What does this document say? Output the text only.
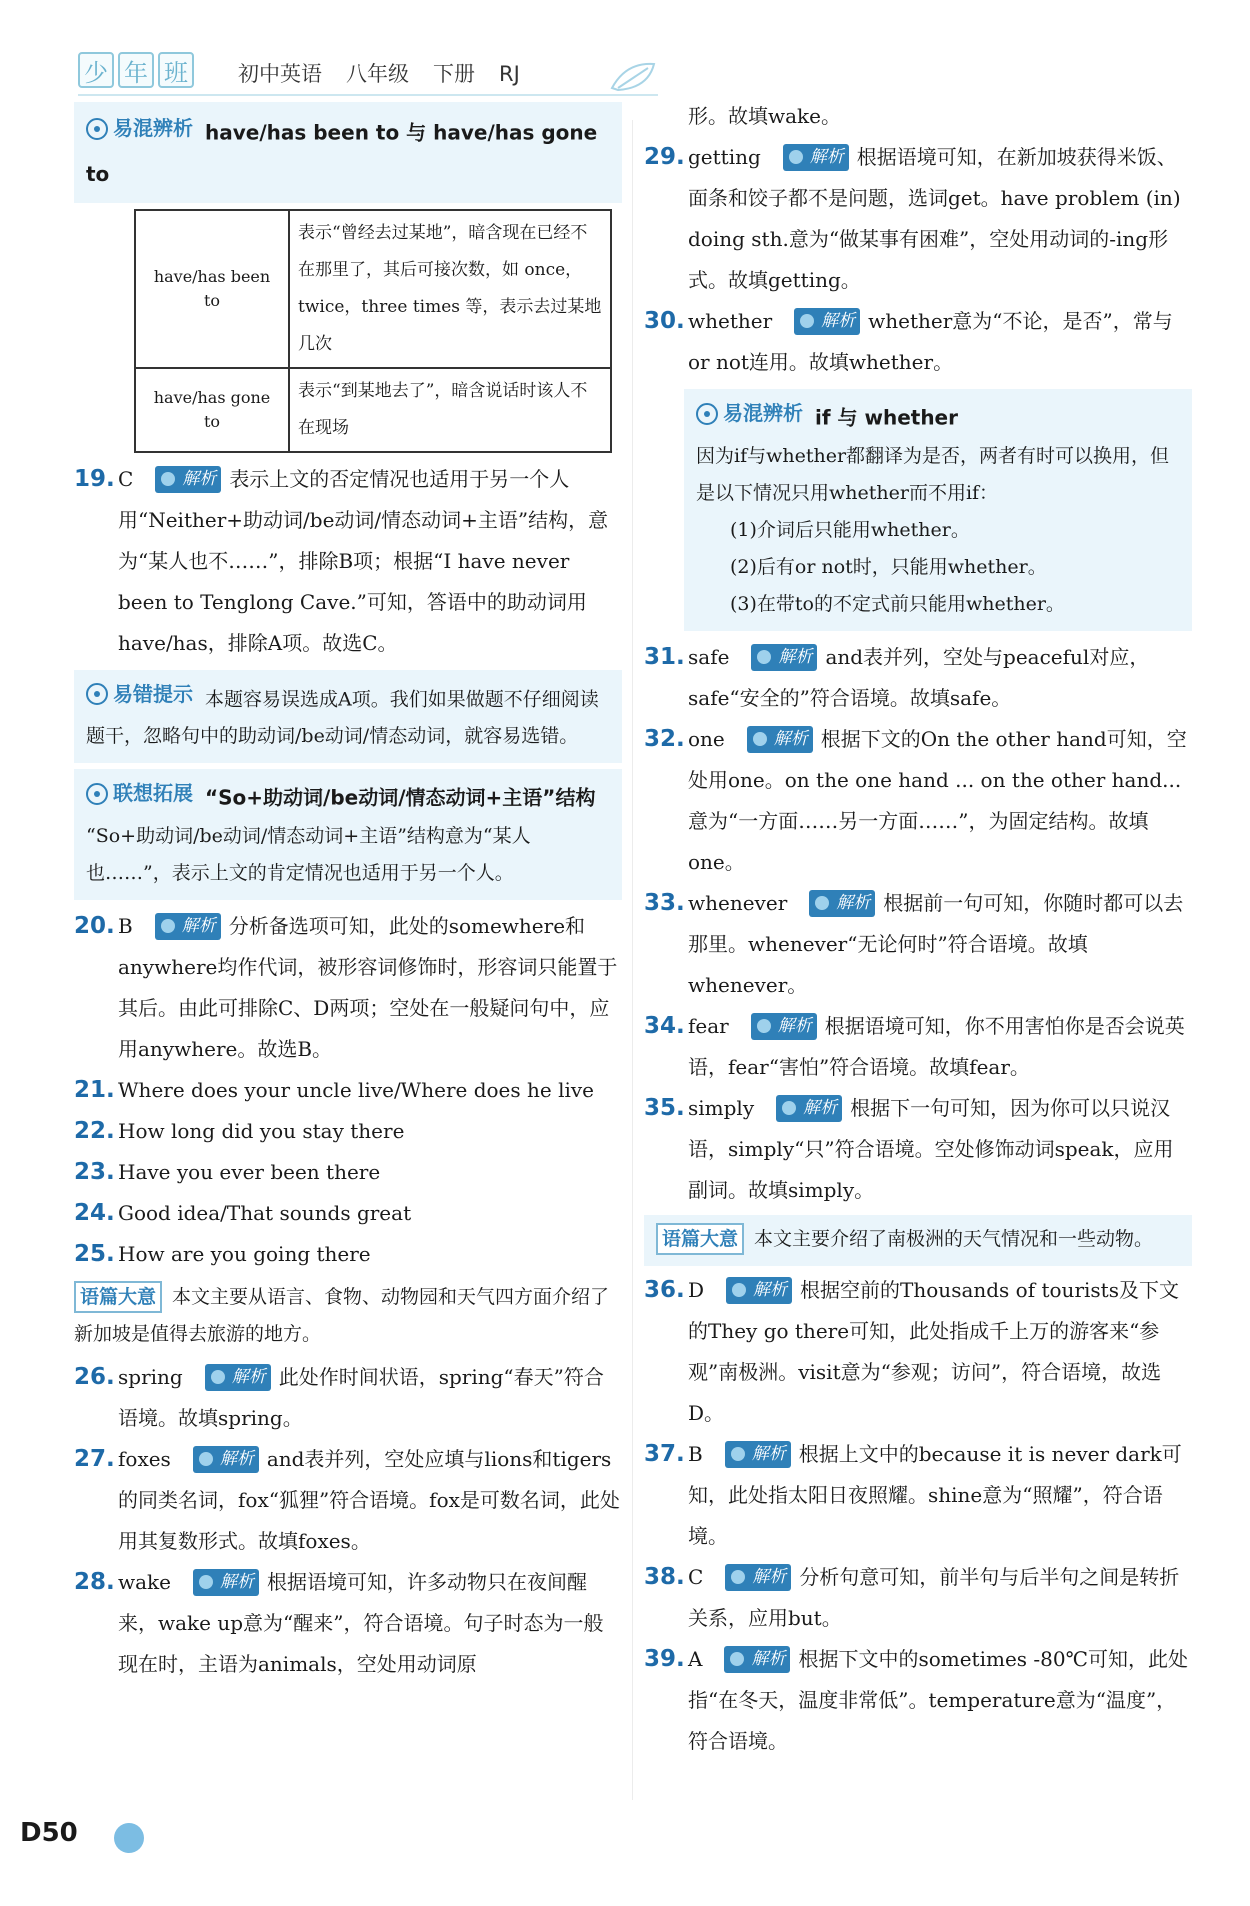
少 年 班 初中英语 八年级 下册 RJ
易混辨析 have/has been to 与 have/has gone to
have/has been to	表示“曾经去过某地”，暗含现在已经不在那里了，其后可接次数，如 once，twice，three times 等，表示去过某地几次
have/has gone to	表示“到某地去了”，暗含说话时该人不在现场
19. C	解析 表示上文的否定情况也适用于另一个人用“Neither+助动词/be动词/情态动词+主语”结构，意为“某人也不……”，排除B项；根据“I have never been to Tenglong Cave.”可知，答语中的助动词用have/has，排除A项。故选C。
易错提示 本题容易误选成A项。我们如果做题不仔细阅读题干，忽略句中的助动词/be动词/情态动词，就容易选错。
联想拓展 “So+助动词/be动词/情态动词+主语”结构
“So+助动词/be动词/情态动词+主语”结构意为“某人也……”，表示上文的肯定情况也适用于另一个人。
20. B	解析 分析备选项可知，此处的somewhere和anywhere均作代词，被形容词修饰时，形容词只能置于其后。由此可排除C、D两项；空处在一般疑问句中，应用anywhere。故选B。
21. Where does your uncle live/Where does he live
22. How long did you stay there
23. Have you ever been there
24. Good idea/That sounds great
25. How are you going there
语篇大意 本文主要从语言、食物、动物园和天气四方面介绍了新加坡是值得去旅游的地方。
26. spring	解析 此处作时间状语，spring“春天”符合语境。故填spring。
27. foxes	解析 and表并列，空处应填与lions和tigers的同类名词，fox“狐狸”符合语境。fox是可数名词，此处用其复数形式。故填foxes。
28. wake	解析 根据语境可知，许多动物只在夜间醒来，wake up意为“醒来”，符合语境。句子时态为一般现在时，主语为animals，空处用动词原
形。故填wake。
29. getting	解析 根据语境可知，在新加坡获得米饭、面条和饺子都不是问题，选词get。have problem (in) doing sth.意为“做某事有困难”，空处用动词的-ing形式。故填getting。
30. whether	解析 whether意为“不论，是否”，常与or not连用。故填whether。
易混辨析 if 与 whether
因为if与whether都翻译为是否，两者有时可以换用，但是以下情况只用whether而不用if：
(1)介词后只能用whether。
(2)后有or not时，只能用whether。
(3)在带to的不定式前只能用whether。
31. safe	解析 and表并列，空处与peaceful对应，safe“安全的”符合语境。故填safe。
32. one	解析 根据下文的On the other hand可知，空处用one。on the one hand ... on the other hand...意为“一方面……另一方面……”，为固定结构。故填one。
33. whenever	解析 根据前一句可知，你随时都可以去那里。whenever“无论何时”符合语境。故填whenever。
34. fear	解析 根据语境可知，你不用害怕你是否会说英语，fear“害怕”符合语境。故填fear。
35. simply	解析 根据下一句可知，因为你可以只说汉语，simply“只”符合语境。空处修饰动词speak，应用副词。故填simply。
语篇大意 本文主要介绍了南极洲的天气情况和一些动物。
36. D	解析 根据空前的Thousands of tourists及下文的They go there可知，此处指成千上万的游客来“参观”南极洲。visit意为“参观；访问”，符合语境，故选D。
37. B	解析 根据上文中的because it is never dark可知，此处指太阳日夜照耀。shine意为“照耀”，符合语境。
38. C	解析 分析句意可知，前半句与后半句之间是转折关系，应用but。
39. A	解析 根据下文中的sometimes -80℃可知，此处指“在冬天，温度非常低”。temperature意为“温度”，符合语境。
D50
